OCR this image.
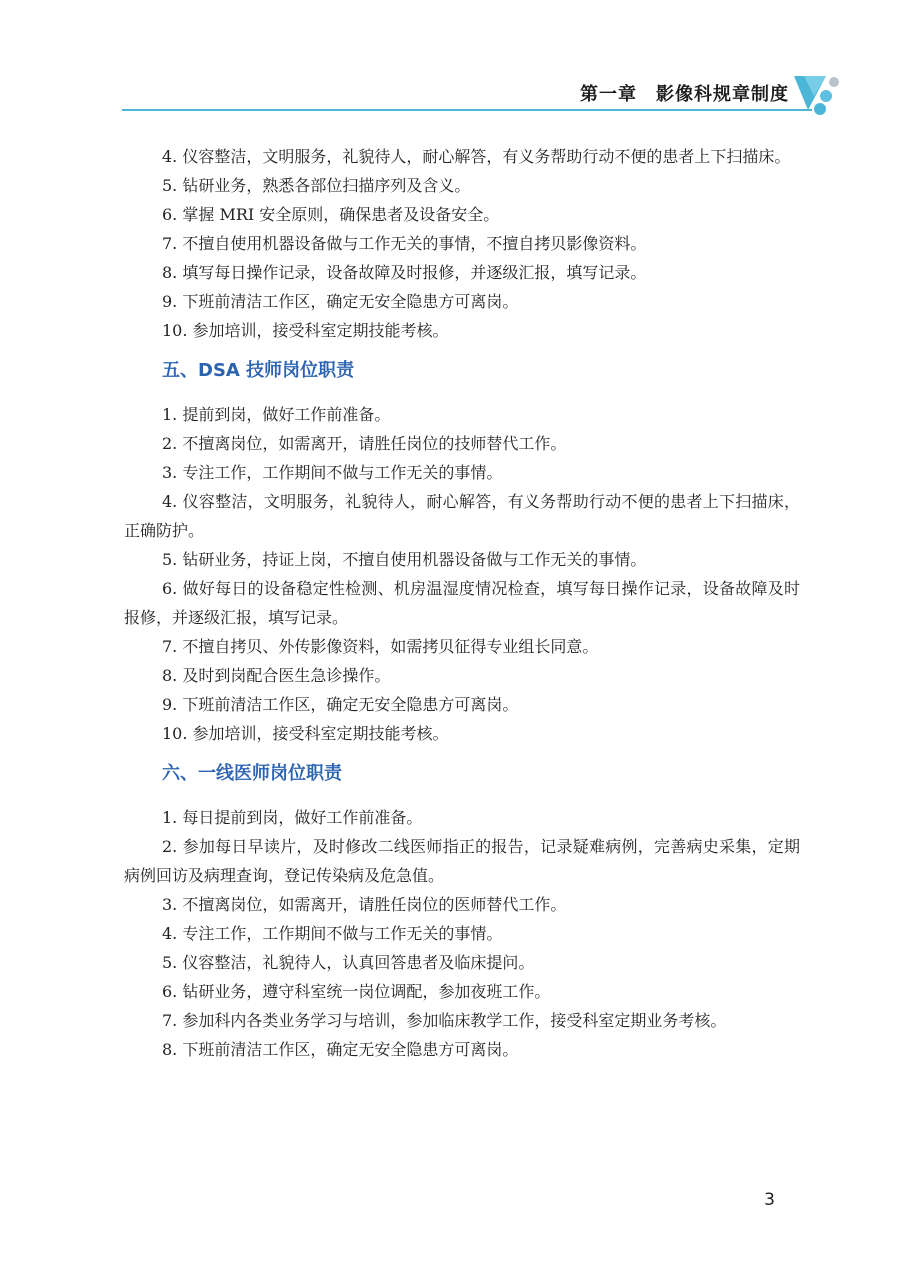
第一章　影像科规章制度

4. 仪容整洁，文明服务，礼貌待人，耐心解答，有义务帮助行动不便的患者上下扫描床。

5. 钻研业务，熟悉各部位扫描序列及含义。

6. 掌握 MRI 安全原则，确保患者及设备安全。

7. 不擅自使用机器设备做与工作无关的事情，不擅自拷贝影像资料。

8. 填写每日操作记录，设备故障及时报修，并逐级汇报，填写记录。

9. 下班前清洁工作区，确定无安全隐患方可离岗。

10. 参加培训，接受科室定期技能考核。

五、DSA 技师岗位职责

1. 提前到岗，做好工作前准备。

2. 不擅离岗位，如需离开，请胜任岗位的技师替代工作。

3. 专注工作，工作期间不做与工作无关的事情。

4. 仪容整洁，文明服务，礼貌待人，耐心解答，有义务帮助行动不便的患者上下扫描床，正确防护。

5. 钻研业务，持证上岗，不擅自使用机器设备做与工作无关的事情。

6. 做好每日的设备稳定性检测、机房温湿度情况检查，填写每日操作记录，设备故障及时报修，并逐级汇报，填写记录。

7. 不擅自拷贝、外传影像资料，如需拷贝征得专业组长同意。

8. 及时到岗配合医生急诊操作。

9. 下班前清洁工作区，确定无安全隐患方可离岗。

10. 参加培训，接受科室定期技能考核。

六、一线医师岗位职责

1. 每日提前到岗，做好工作前准备。

2. 参加每日早读片，及时修改二线医师指正的报告，记录疑难病例，完善病史采集，定期病例回访及病理查询，登记传染病及危急值。

3. 不擅离岗位，如需离开，请胜任岗位的医师替代工作。

4. 专注工作，工作期间不做与工作无关的事情。

5. 仪容整洁，礼貌待人，认真回答患者及临床提问。

6. 钻研业务，遵守科室统一岗位调配，参加夜班工作。

7. 参加科内各类业务学习与培训，参加临床教学工作，接受科室定期业务考核。

8. 下班前清洁工作区，确定无安全隐患方可离岗。

3
